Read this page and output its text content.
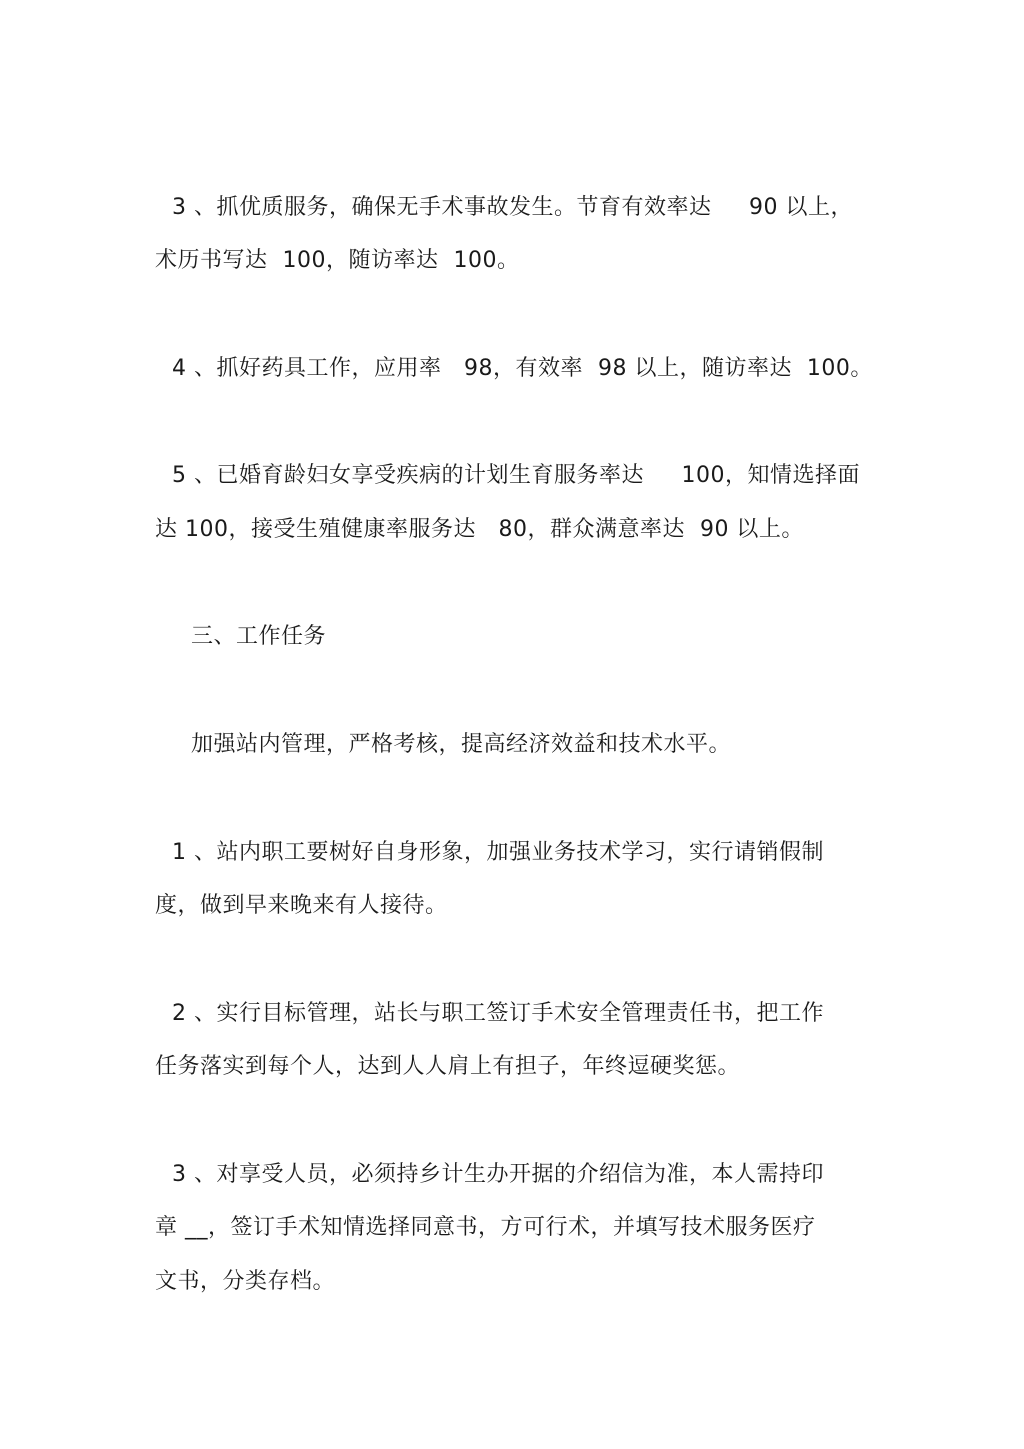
3 、抓优质服务，确保无手术事故发生。节育有效率达     90 以上，
术历书写达  100，随访率达  100。
4 、抓好药具工作，应用率   98，有效率  98 以上，随访率达  100。
5 、已婚育龄妇女享受疾病的计划生育服务率达     100，知情选择面
达 100，接受生殖健康率服务达   80，群众满意率达  90 以上。
三、工作任务
加强站内管理，严格考核，提高经济效益和技术水平。
1 、站内职工要树好自身形象，加强业务技术学习，实行请销假制
度，做到早来晚来有人接待。
2 、实行目标管理，站长与职工签订手术安全管理责任书，把工作
任务落实到每个人，达到人人肩上有担子，年终逗硬奖惩。
3 、对享受人员，必须持乡计生办开据的介绍信为准，本人需持印
章 __，签订手术知情选择同意书，方可行术，并填写技术服务医疗
文书，分类存档。
